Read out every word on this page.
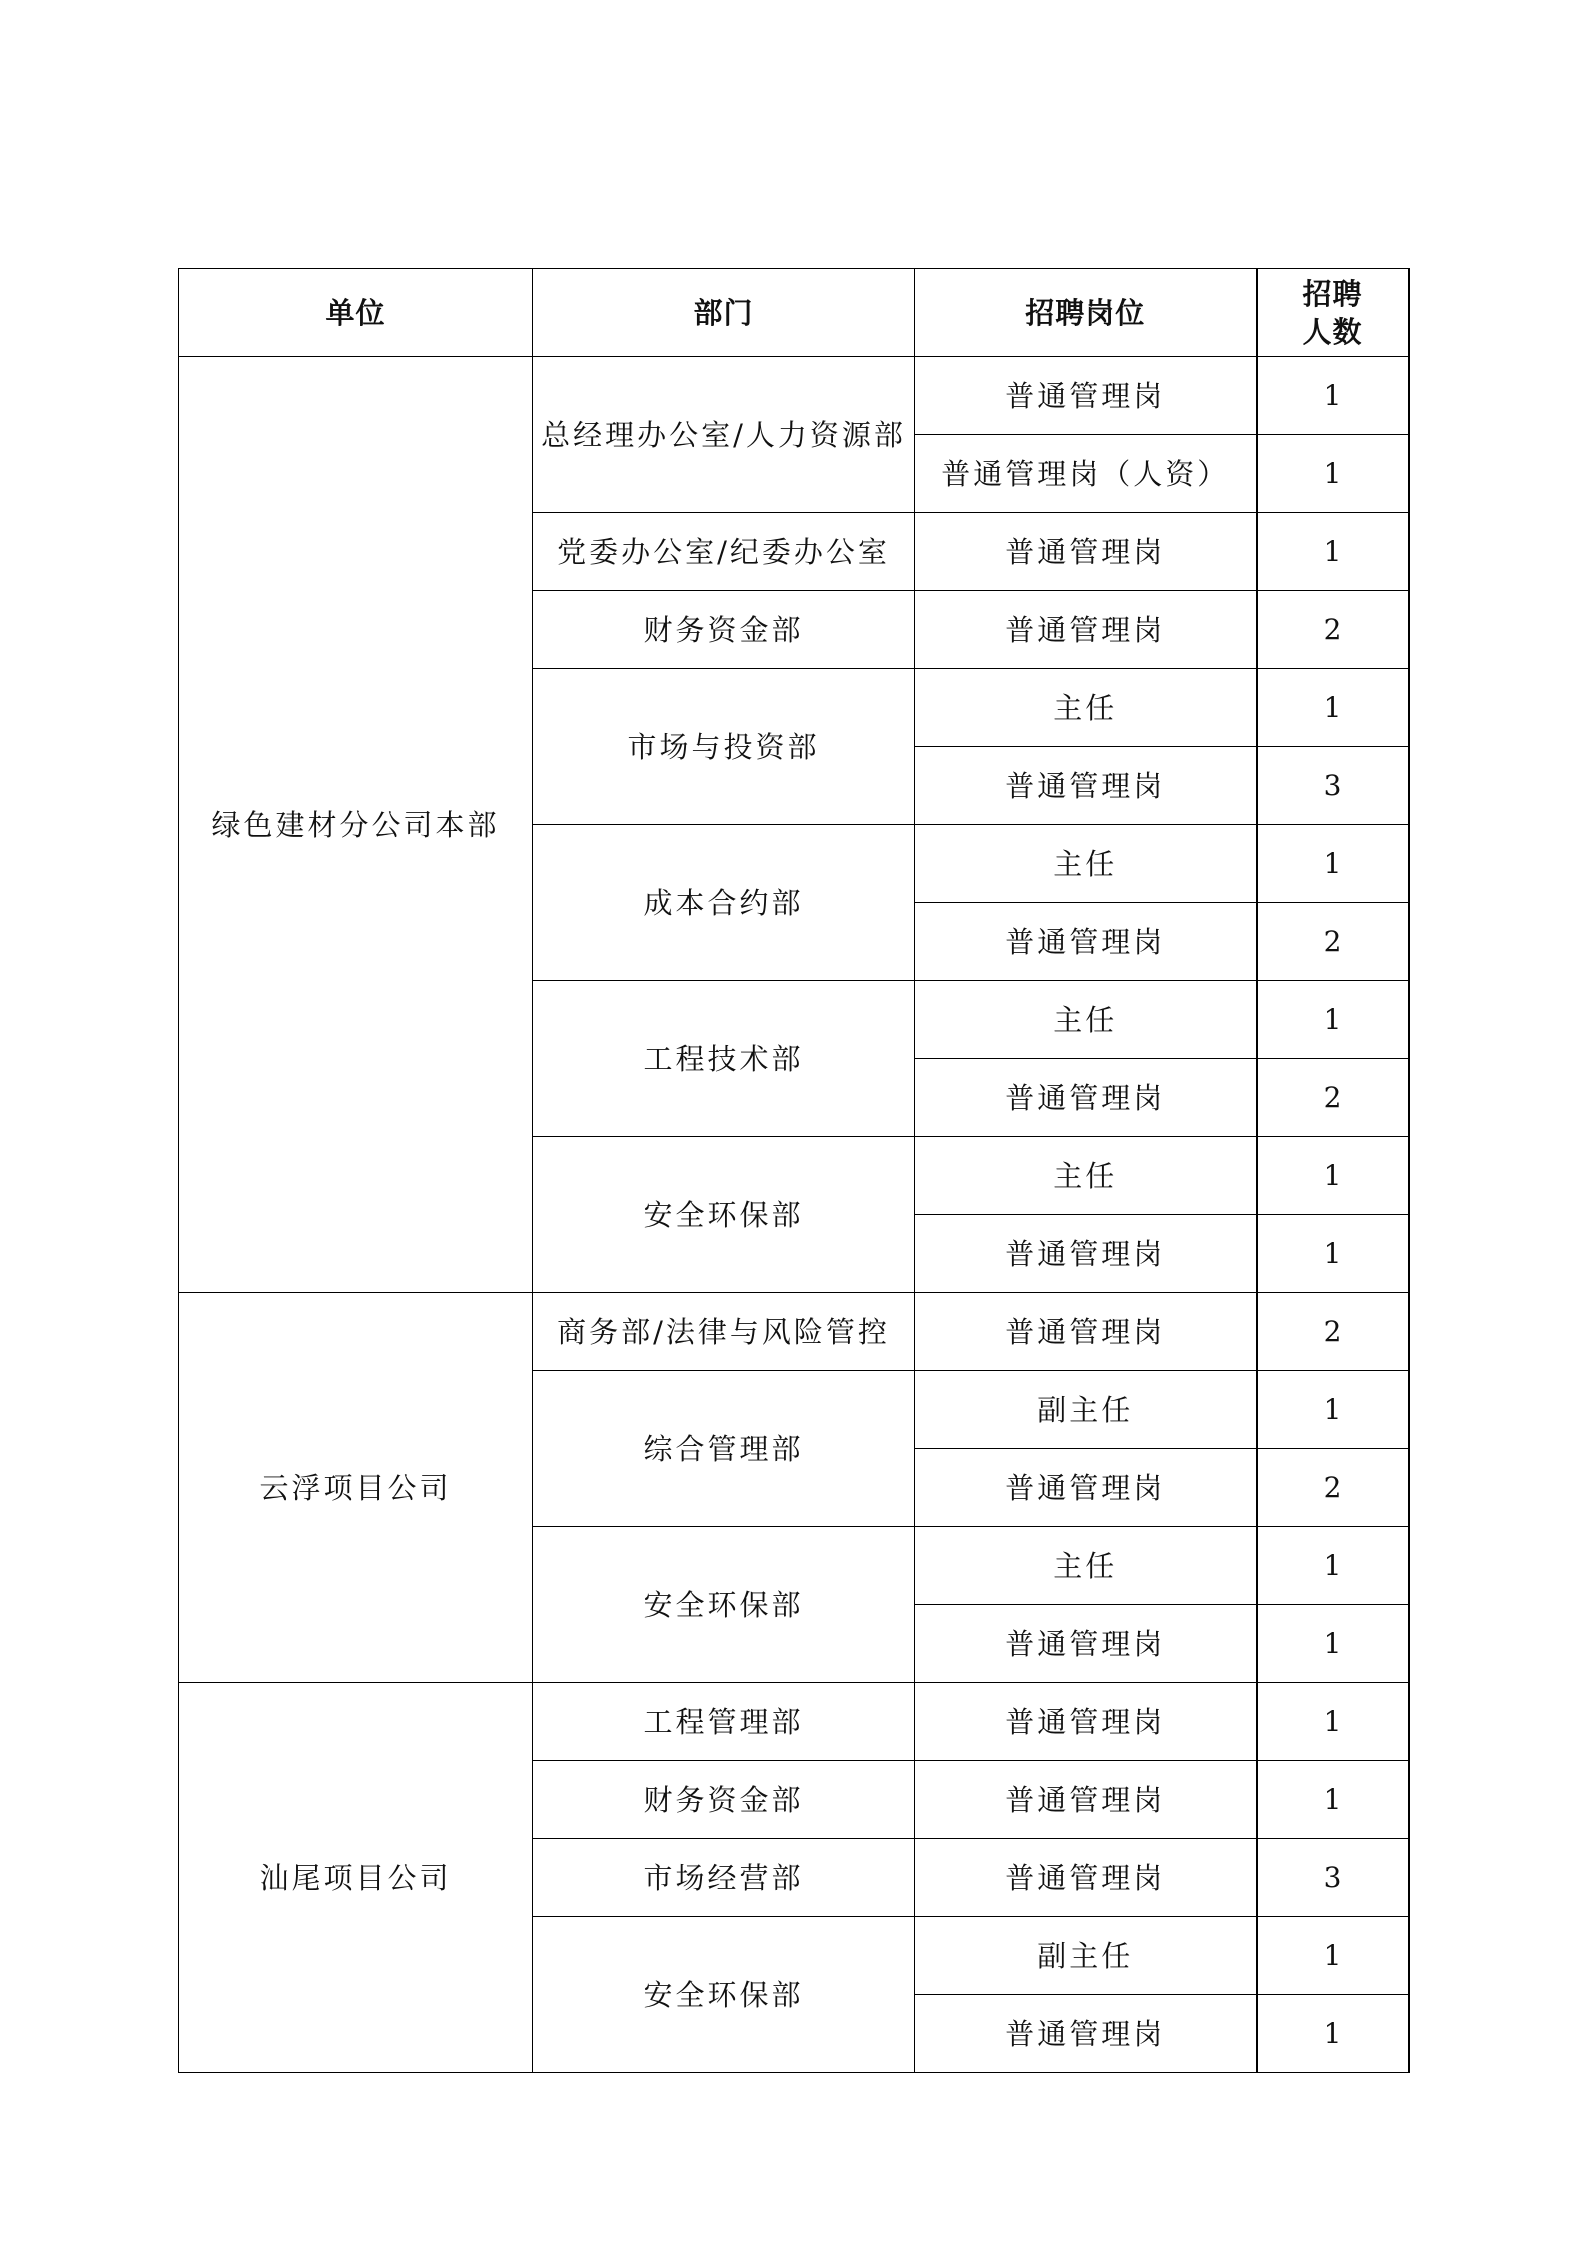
单位	部门	招聘岗位	招聘
人数
绿色建材分公司本部	总经理办公室/人力资源部	普通管理岗	1
		普通管理岗（人资）	1
	党委办公室/纪委办公室	普通管理岗	1
	财务资金部	普通管理岗	2
	市场与投资部	主任	1
		普通管理岗	3
	成本合约部	主任	1
		普通管理岗	2
	工程技术部	主任	1
		普通管理岗	2
	安全环保部	主任	1
		普通管理岗	1
云浮项目公司	商务部/法律与风险管控	普通管理岗	2
	综合管理部	副主任	1
		普通管理岗	2
	安全环保部	主任	1
		普通管理岗	1
汕尾项目公司	工程管理部	普通管理岗	1
	财务资金部	普通管理岗	1
	市场经营部	普通管理岗	3
	安全环保部	副主任	1
		普通管理岗	1
